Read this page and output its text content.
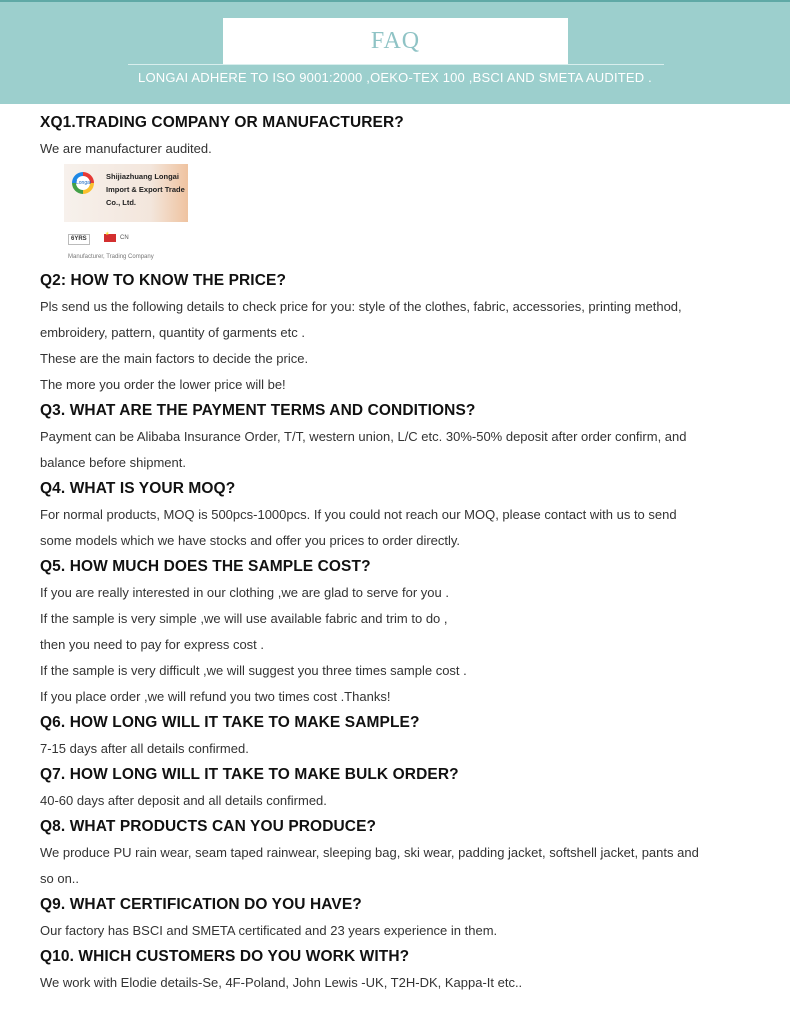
FAQ
LONGAI ADHERE TO ISO 9001:2000 ,OEKO-TEX 100 ,BSCI AND SMETA AUDITED .
XQ1.TRADING COMPANY OR MANUFACTURER?
We are manufacturer audited.
Longai
Shijiazhuang Longai
Import & Export Trade
Co., Ltd.
6YRS
★	CN
Manufacturer, Trading Company
Q2: HOW TO KNOW THE PRICE?
Pls send us the following details to check price for you: style of the clothes, fabric, accessories, printing method,
embroidery, pattern, quantity of garments etc .
These are the main factors to decide the price.
The more you order the lower price will be!
Q3. WHAT ARE THE PAYMENT TERMS AND CONDITIONS?
Payment can be Alibaba Insurance Order, T/T, western union, L/C etc. 30%-50% deposit after order confirm, and
balance before shipment.
Q4. WHAT IS YOUR MOQ?
For normal products, MOQ is 500pcs-1000pcs. If you could not reach our MOQ, please contact with us to send
some models which we have stocks and offer you prices to order directly.
Q5. HOW MUCH DOES THE SAMPLE COST?
If you are really interested in our clothing ,we are glad to serve for you .
If the sample is very simple ,we will use available fabric and trim to do ,
then you need to pay for express cost .
If the sample is very difficult ,we will suggest you three times sample cost .
If you place order ,we will refund you two times cost .Thanks!
Q6. HOW LONG WILL IT TAKE TO MAKE SAMPLE?
7-15 days after all details confirmed.
Q7. HOW LONG WILL IT TAKE TO MAKE BULK ORDER?
40-60 days after deposit and all details confirmed.
Q8. WHAT PRODUCTS CAN YOU PRODUCE?
We produce PU rain wear, seam taped rainwear, sleeping bag, ski wear, padding jacket, softshell jacket, pants and
so on..
Q9. WHAT CERTIFICATION DO YOU HAVE?
Our factory has BSCI and SMETA certificated and 23 years experience in them.
Q10. WHICH CUSTOMERS DO YOU WORK WITH?
We work with Elodie details-Se, 4F-Poland, John Lewis -UK, T2H-DK, Kappa-It etc..
